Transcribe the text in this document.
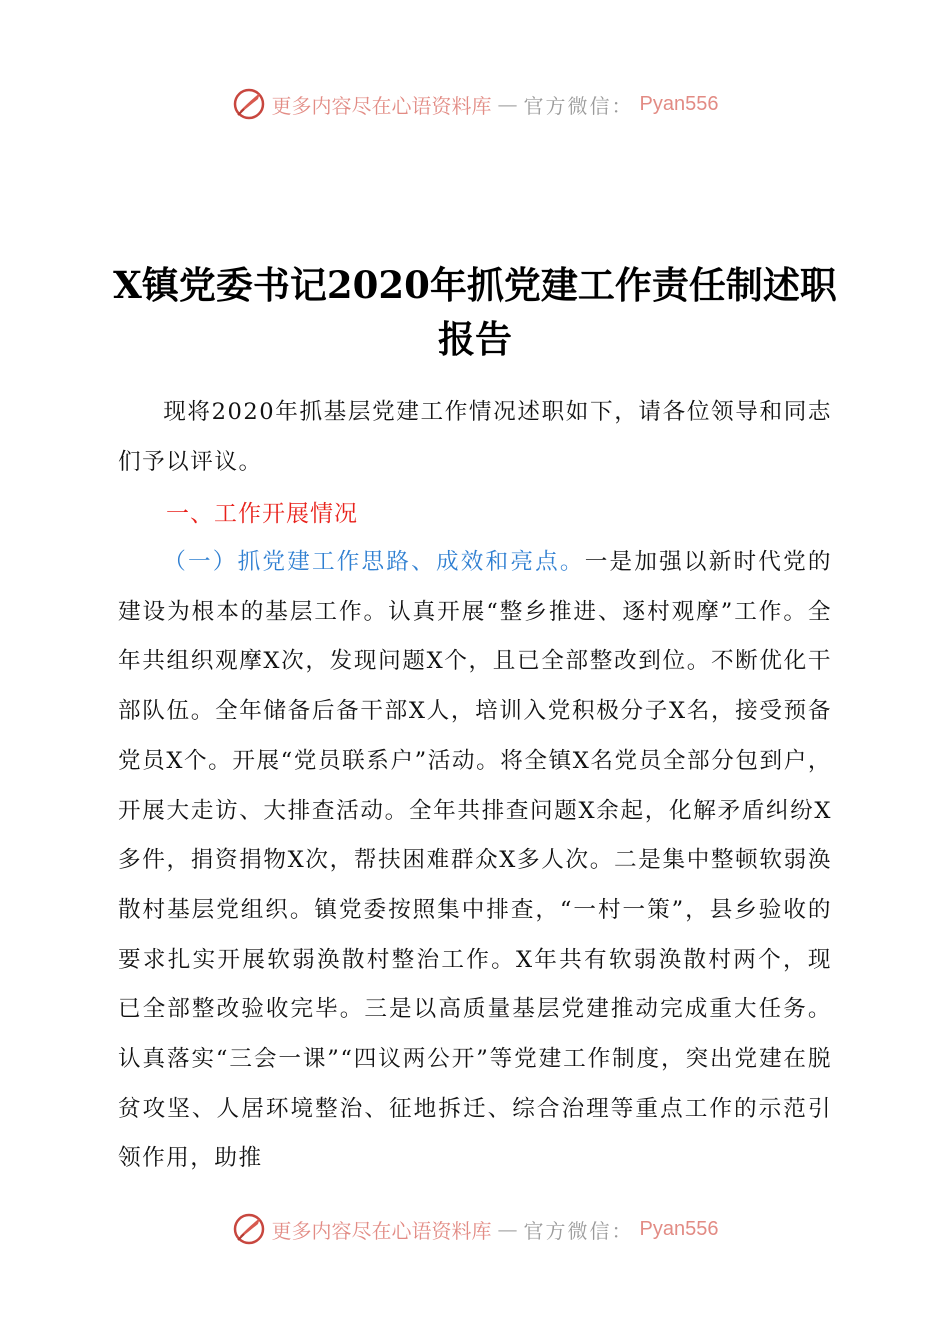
更多内容尽在心语资料库 — 官方微信： Pyan556
X镇党委书记2020年抓党建工作责任制述职报告

现将2020年抓基层党建工作情况述职如下，请各位领导和同志们予以评议。

一、工作开展情况

（一）抓党建工作思路、成效和亮点。一是加强以新时代党的建设为根本的基层工作。认真开展“整乡推进、逐村观摩”工作。全年共组织观摩X次，发现问题X个，且已全部整改到位。不断优化干部队伍。全年储备后备干部X人，培训入党积极分子X名，接受预备党员X个。开展“党员联系户”活动。将全镇X名党员全部分包到户，开展大走访、大排查活动。全年共排查问题X余起，化解矛盾纠纷X多件，捐资捐物X次，帮扶困难群众X多人次。二是集中整顿软弱涣散村基层党组织。镇党委按照集中排查，“一村一策”，县乡验收的要求扎实开展软弱涣散村整治工作。X年共有软弱涣散村两个，现已全部整改验收完毕。三是以高质量基层党建推动完成重大任务。认真落实“三会一课”“四议两公开”等党建工作制度，突出党建在脱贫攻坚、人居环境整治、征地拆迁、综合治理等重点工作的示范引领作用，助推

更多内容尽在心语资料库 — 官方微信： Pyan556
